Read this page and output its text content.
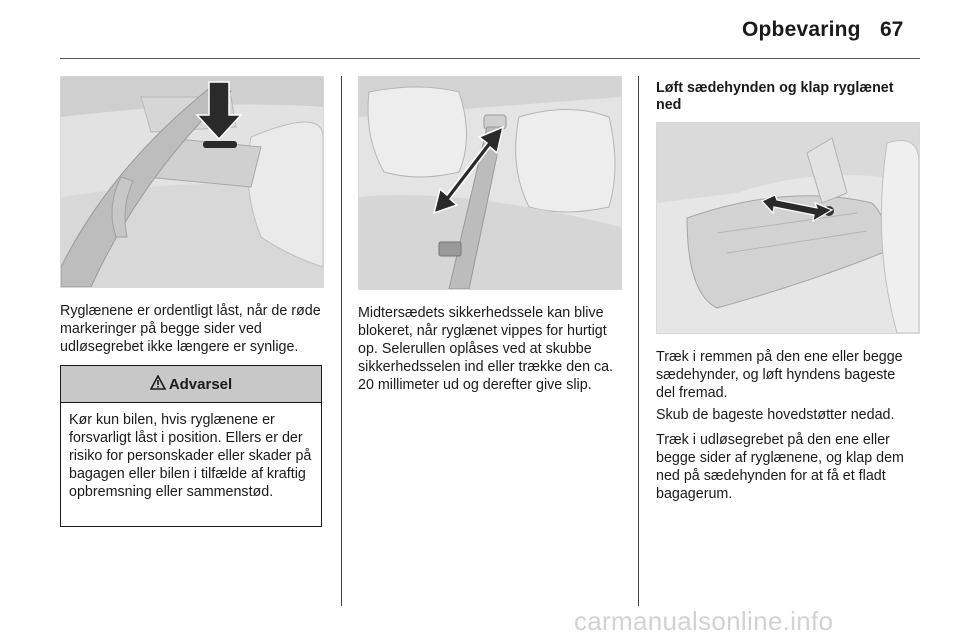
Opbevaring 67

Ryglænene er ordentligt låst, når de røde markeringer på begge sider ved udløsegrebet ikke længere er synlige.

Advarsel
Kør kun bilen, hvis ryglænene er forsvarligt låst i position. Ellers er der risiko for personskader eller skader på bagagen eller bilen i tilfælde af kraftig opbremsning eller sammenstød.

Midtersædets sikkerhedssele kan blive blokeret, når ryglænet vippes for hurtigt op. Selerullen oplåses ved at skubbe sikkerhedsselen ind eller trække den ca. 20 millimeter ud og derefter give slip.

Løft sædehynden og klap ryglænet ned

Træk i remmen på den ene eller begge sædehynder, og løft hyndens bageste del fremad.

Skub de bageste hovedstøtter nedad.

Træk i udløsegrebet på den ene eller begge sider af ryglænene, og klap dem ned på sædehynden for at få et fladt bagagerum.

carmanualsonline.info
